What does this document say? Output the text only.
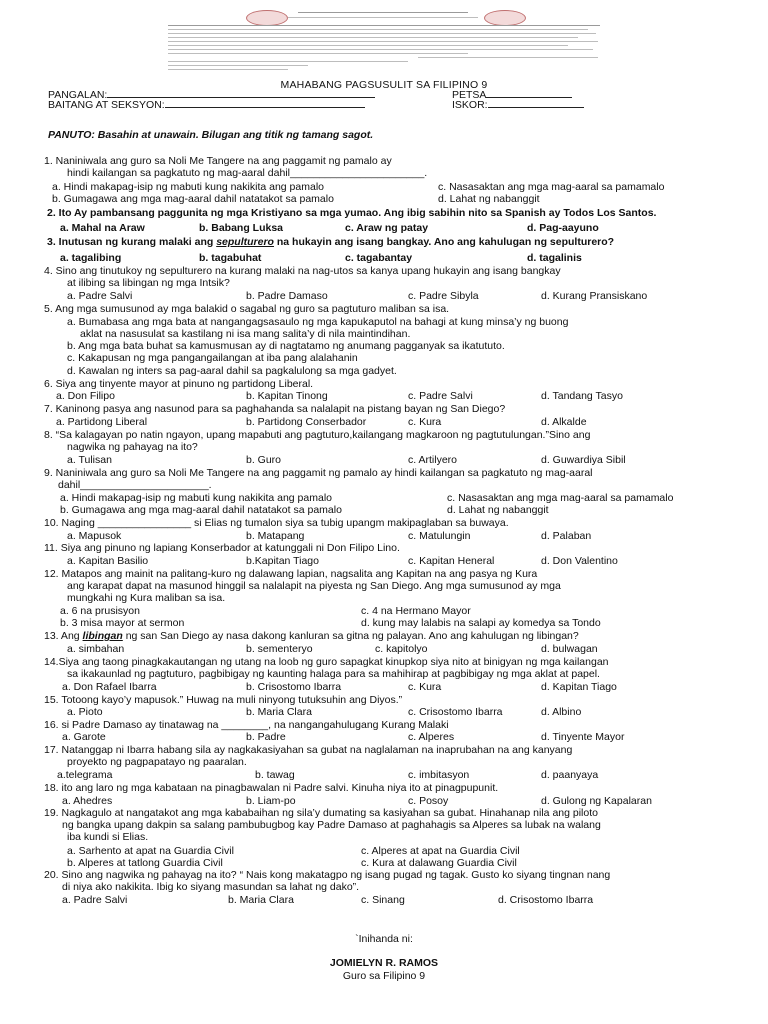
MAHABANG PAGSUSULIT SA FILIPINO 9
PANGALAN:	PETSA
BAITANG AT SEKSYON:	ISKOR:
PANUTO: Basahin at unawain. Bilugan ang titik ng tamang sagot.
1. Naniniwala ang guro sa Noli Me Tangere na ang paggamit ng pamalo ay
hindi kailangan sa pagkatuto ng mag-aaral dahil_______________________.
a. Hindi makapag-isip ng mabuti kung nakikita ang pamalo	c. Nasasaktan ang mga mag-aaral sa pamamalo
b. Gumagawa ang mga mag-aaral dahil natatakot sa pamalo	d. Lahat ng nabanggit
2. Ito Ay pambansang paggunita ng mga Kristiyano sa mga yumao. Ang ibig sabihin nito sa Spanish ay Todos Los Santos.
a. Mahal na Araw	b. Babang Luksa	c. Araw ng patay	d. Pag-aayuno
3. Inutusan ng kurang malaki ang sepulturero na hukayin ang isang bangkay. Ano ang kahulugan ng sepulturero?
a. tagalibing	b. tagabuhat	c. tagabantay	d. tagalinis
4. Sino ang tinutukoy ng sepulturero na kurang malaki na nag-utos sa kanya upang hukayin ang isang bangkay
at ilibing sa libingan ng mga Intsik?
a. Padre Salvi	b. Padre Damaso	c. Padre Sibyla	d. Kurang Pransiskano
5. Ang mga sumusunod ay mga balakid o sagabal ng guro sa pagtuturo maliban sa isa.
a. Bumabasa ang mga bata at nangangagsasaulo ng mga kapukaputol na bahagi at kung minsa’y ng buong
aklat na nasusulat sa kastilang ni isa mang salita’y di nila maintindihan.
b. Ang mga bata buhat sa kamusmusan ay di nagtatamo ng anumang pagganyak sa ikatututo.
c. Kakapusan ng mga pangangailangan at iba pang alalahanin
d. Kawalan ng inters sa pag-aaral dahil sa pagkalulong sa mga gadyet.
6. Siya ang tinyente mayor at pinuno ng partidong Liberal.
a. Don Filipo	b. Kapitan Tinong	c. Padre Salvi	d. Tandang Tasyo
7. Kaninong pasya ang nasunod para sa paghahanda sa nalalapit na pistang bayan ng San Diego?
a. Partidong Liberal	b. Partidong Conserbador	c. Kura	d. Alkalde
8. “Sa kalagayan po natin ngayon, upang mapabuti ang pagtuturo,kailangang magkaroon ng pagtutulungan.”Sino ang
nagwika ng pahayag na ito?
a. Tulisan	b. Guro	c. Artilyero	d. Guwardiya Sibil
9. Naniniwala ang guro sa Noli Me Tangere na ang paggamit ng pamalo ay hindi kailangan sa pagkatuto ng mag-aaral
dahil______________________.
a. Hindi makapag-isip ng mabuti kung nakikita ang pamalo	c. Nasasaktan ang mga mag-aaral sa pamamalo
b. Gumagawa ang mga mag-aaral dahil natatakot sa pamalo	d. Lahat ng nabanggit
10. Naging ________________ si Elias ng tumalon siya sa tubig upangm makipaglaban sa buwaya.
a. Mapusok	b. Matapang	c. Matulungin	d. Palaban
11. Siya ang pinuno ng lapiang Konserbador at katunggali ni Don Filipo Lino.
a. Kapitan Basilio	b.Kapitan Tiago	c. Kapitan Heneral	d. Don Valentino
12. Matapos ang mainit na palitang-kuro ng dalawang lapian, nagsalita ang Kapitan na ang pasya ng Kura
ang karapat dapat na masunod hinggil sa nalalapit na piyesta ng San Diego. Ang mga sumusunod ay mga
mungkahi ng Kura maliban sa isa.
a. 6 na prusisyon	c. 4 na Hermano Mayor
b. 3 misa mayor at sermon	d. kung may lalabis na salapi ay komedya sa Tondo
13. Ang libingan ng san San Diego ay nasa dakong kanluran sa gitna ng palayan. Ano ang kahulugan ng libingan?
a. simbahan	b. sementeryo	c. kapitolyo	d. bulwagan
14.Siya ang taong pinagkakautangan ng utang na loob ng guro sapagkat kinupkop siya nito at binigyan ng mga kailangan
sa ikakaunlad ng pagtuturo, pagbibigay ng kaunting halaga para sa mahihirap at pagbibigay ng mga aklat at papel.
a. Don Rafael Ibarra	b. Crisostomo Ibarra	c. Kura	d. Kapitan Tiago
15. Totoong kayo’y mapusok.” Huwag na muli ninyong tutuksuhin ang Diyos.”
a. Pioto	b. Maria Clara	c. Crisostomo Ibarra	d. Albino
16. si Padre Damaso ay tinatawag na ________, na nangangahulugang Kurang Malaki
a. Garote	b. Padre	c. Alperes	d. Tinyente Mayor
17. Natanggap ni Ibarra habang sila ay nagkakasiyahan sa gubat na naglalaman na inaprubahan na ang kanyang
proyekto ng pagpapatayo ng paaralan.
a.telegrama	b. tawag	c. imbitasyon	d. paanyaya
18. ito ang laro ng mga kabataan na pinagbawalan ni Padre salvi. Kinuha niya ito at pinagpupunit.
a. Ahedres	b. Liam-po	c. Posoy	d. Gulong ng Kapalaran
19. Nagkagulo at nangatakot ang mga kababaihan ng sila’y dumating sa kasiyahan sa gubat. Hinahanap nila ang piloto
ng bangka upang dakpin sa salang pambubugbog kay Padre Damaso at paghahagis sa Alperes sa lubak na walang
iba kundi si Elias.
a. Sarhento at apat na Guardia Civil	c. Alperes at apat na Guardia Civil
b. Alperes at tatlong Guardia Civil	c. Kura at dalawang Guardia Civil
20. Sino ang nagwika ng pahayag na ito? “ Nais kong makatagpo ng isang pugad ng tagak. Gusto ko siyang tingnan nang
di niya ako nakikita. Ibig ko siyang masundan sa lahat ng dako”.
a. Padre Salvi	b. Maria Clara	c. Sinang	d. Crisostomo Ibarra
`Inihanda ni:
JOMIELYN R. RAMOS
Guro sa Filipino 9
